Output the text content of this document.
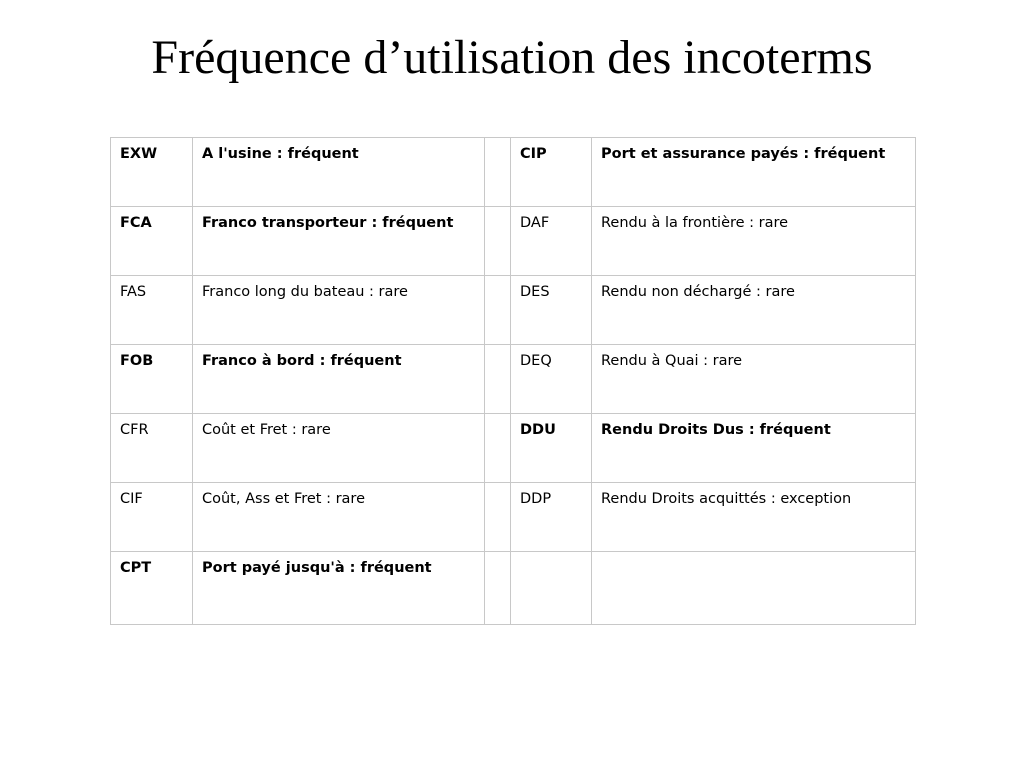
Fréquence d’utilisation des incoterms
EXW	A l'usine : fréquent		CIP	Port et assurance payés : fréquent
FCA	Franco transporteur : fréquent		DAF	Rendu à la frontière : rare
FAS	Franco long du bateau : rare		DES	Rendu non déchargé : rare
FOB	Franco à bord : fréquent		DEQ	Rendu à Quai : rare
CFR	Coût et Fret : rare		DDU	Rendu Droits Dus : fréquent
CIF	Coût, Ass et Fret : rare		DDP	Rendu Droits acquittés : exception
CPT	Port payé jusqu'à : fréquent			
